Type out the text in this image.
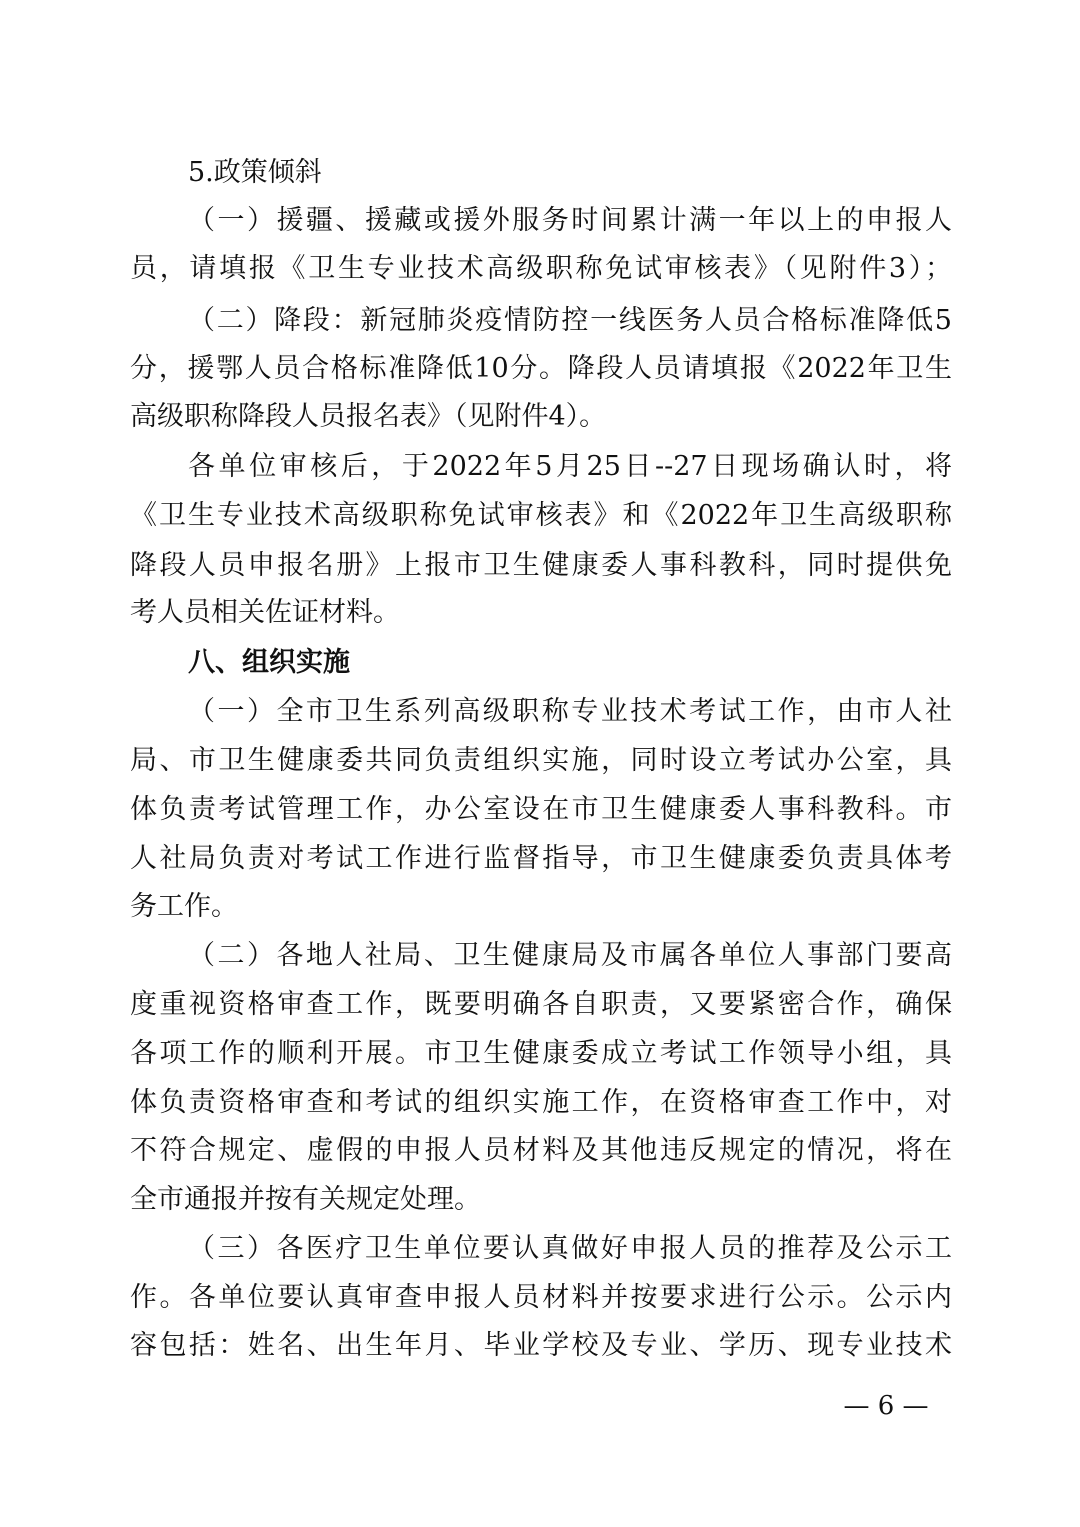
5.政策倾斜
（一）援疆、援藏或援外服务时间累计满一年以上的申报人
员，请填报《卫生专业技术高级职称免试审核表》（见附件3）；
（二）降段：新冠肺炎疫情防控一线医务人员合格标准降低5
分，援鄂人员合格标准降低10分。降段人员请填报《2022年卫生
高级职称降段人员报名表》（见附件4）。
各单位审核后，于2022年5月25日--27日现场确认时，将
《卫生专业技术高级职称免试审核表》和《2022年卫生高级职称
降段人员申报名册》上报市卫生健康委人事科教科，同时提供免
考人员相关佐证材料。
八、组织实施
（一）全市卫生系列高级职称专业技术考试工作，由市人社
局、市卫生健康委共同负责组织实施，同时设立考试办公室，具
体负责考试管理工作，办公室设在市卫生健康委人事科教科。市
人社局负责对考试工作进行监督指导，市卫生健康委负责具体考
务工作。
（二）各地人社局、卫生健康局及市属各单位人事部门要高
度重视资格审查工作，既要明确各自职责，又要紧密合作，确保
各项工作的顺利开展。市卫生健康委成立考试工作领导小组，具
体负责资格审查和考试的组织实施工作，在资格审查工作中，对
不符合规定、虚假的申报人员材料及其他违反规定的情况，将在
全市通报并按有关规定处理。
（三）各医疗卫生单位要认真做好申报人员的推荐及公示工
作。各单位要认真审查申报人员材料并按要求进行公示。公示内
容包括：姓名、出生年月、毕业学校及专业、学历、现专业技术
— 6 —
